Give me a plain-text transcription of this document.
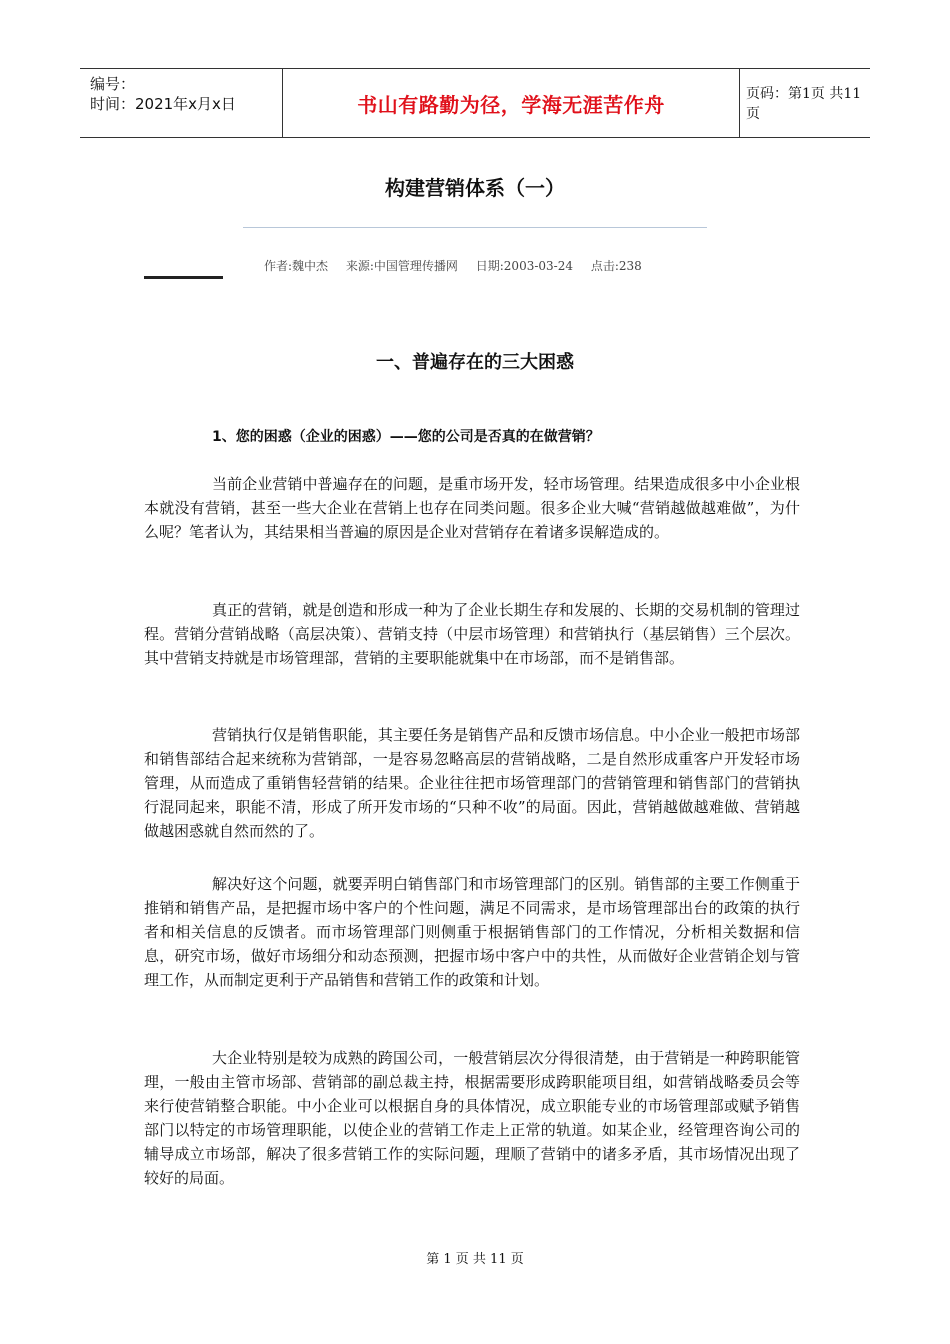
编号：
时间：2021年x月x日	书山有路勤为径，学海无涯苦作舟	页码：第1页 共11页
构建营销体系（一）
作者:魏中杰 来源:中国管理传播网 日期:2003-03-24 点击:238
一、普遍存在的三大困惑
1、您的困惑（企业的困惑）——您的公司是否真的在做营销？

当前企业营销中普遍存在的问题，是重市场开发，轻市场管理。结果造成很多中小企业根本就没有营销，甚至一些大企业在营销上也存在同类问题。很多企业大喊“营销越做越难做”，为什么呢？笔者认为，其结果相当普遍的原因是企业对营销存在着诸多误解造成的。

真正的营销，就是创造和形成一种为了企业长期生存和发展的、长期的交易机制的管理过程。营销分营销战略（高层决策）、营销支持（中层市场管理）和营销执行（基层销售）三个层次。其中营销支持就是市场管理部，营销的主要职能就集中在市场部，而不是销售部。

营销执行仅是销售职能，其主要任务是销售产品和反馈市场信息。中小企业一般把市场部和销售部结合起来统称为营销部，一是容易忽略高层的营销战略，二是自然形成重客户开发轻市场管理，从而造成了重销售轻营销的结果。企业往往把市场管理部门的营销管理和销售部门的营销执行混同起来，职能不清，形成了所开发市场的“只种不收”的局面。因此，营销越做越难做、营销越做越困惑就自然而然的了。

解决好这个问题，就要弄明白销售部门和市场管理部门的区别。销售部的主要工作侧重于推销和销售产品，是把握市场中客户的个性问题，满足不同需求，是市场管理部出台的政策的执行者和相关信息的反馈者。而市场管理部门则侧重于根据销售部门的工作情况，分析相关数据和信息，研究市场，做好市场细分和动态预测，把握市场中客户中的共性，从而做好企业营销企划与管理工作，从而制定更利于产品销售和营销工作的政策和计划。

大企业特别是较为成熟的跨国公司，一般营销层次分得很清楚，由于营销是一种跨职能管理，一般由主管市场部、营销部的副总裁主持，根据需要形成跨职能项目组，如营销战略委员会等来行使营销整合职能。中小企业可以根据自身的具体情况，成立职能专业的市场管理部或赋予销售部门以特定的市场管理职能，以使企业的营销工作走上正常的轨道。如某企业，经管理咨询公司的辅导成立市场部，解决了很多营销工作的实际问题，理顺了营销中的诸多矛盾，其市场情况出现了较好的局面。

第 1 页 共 11 页
